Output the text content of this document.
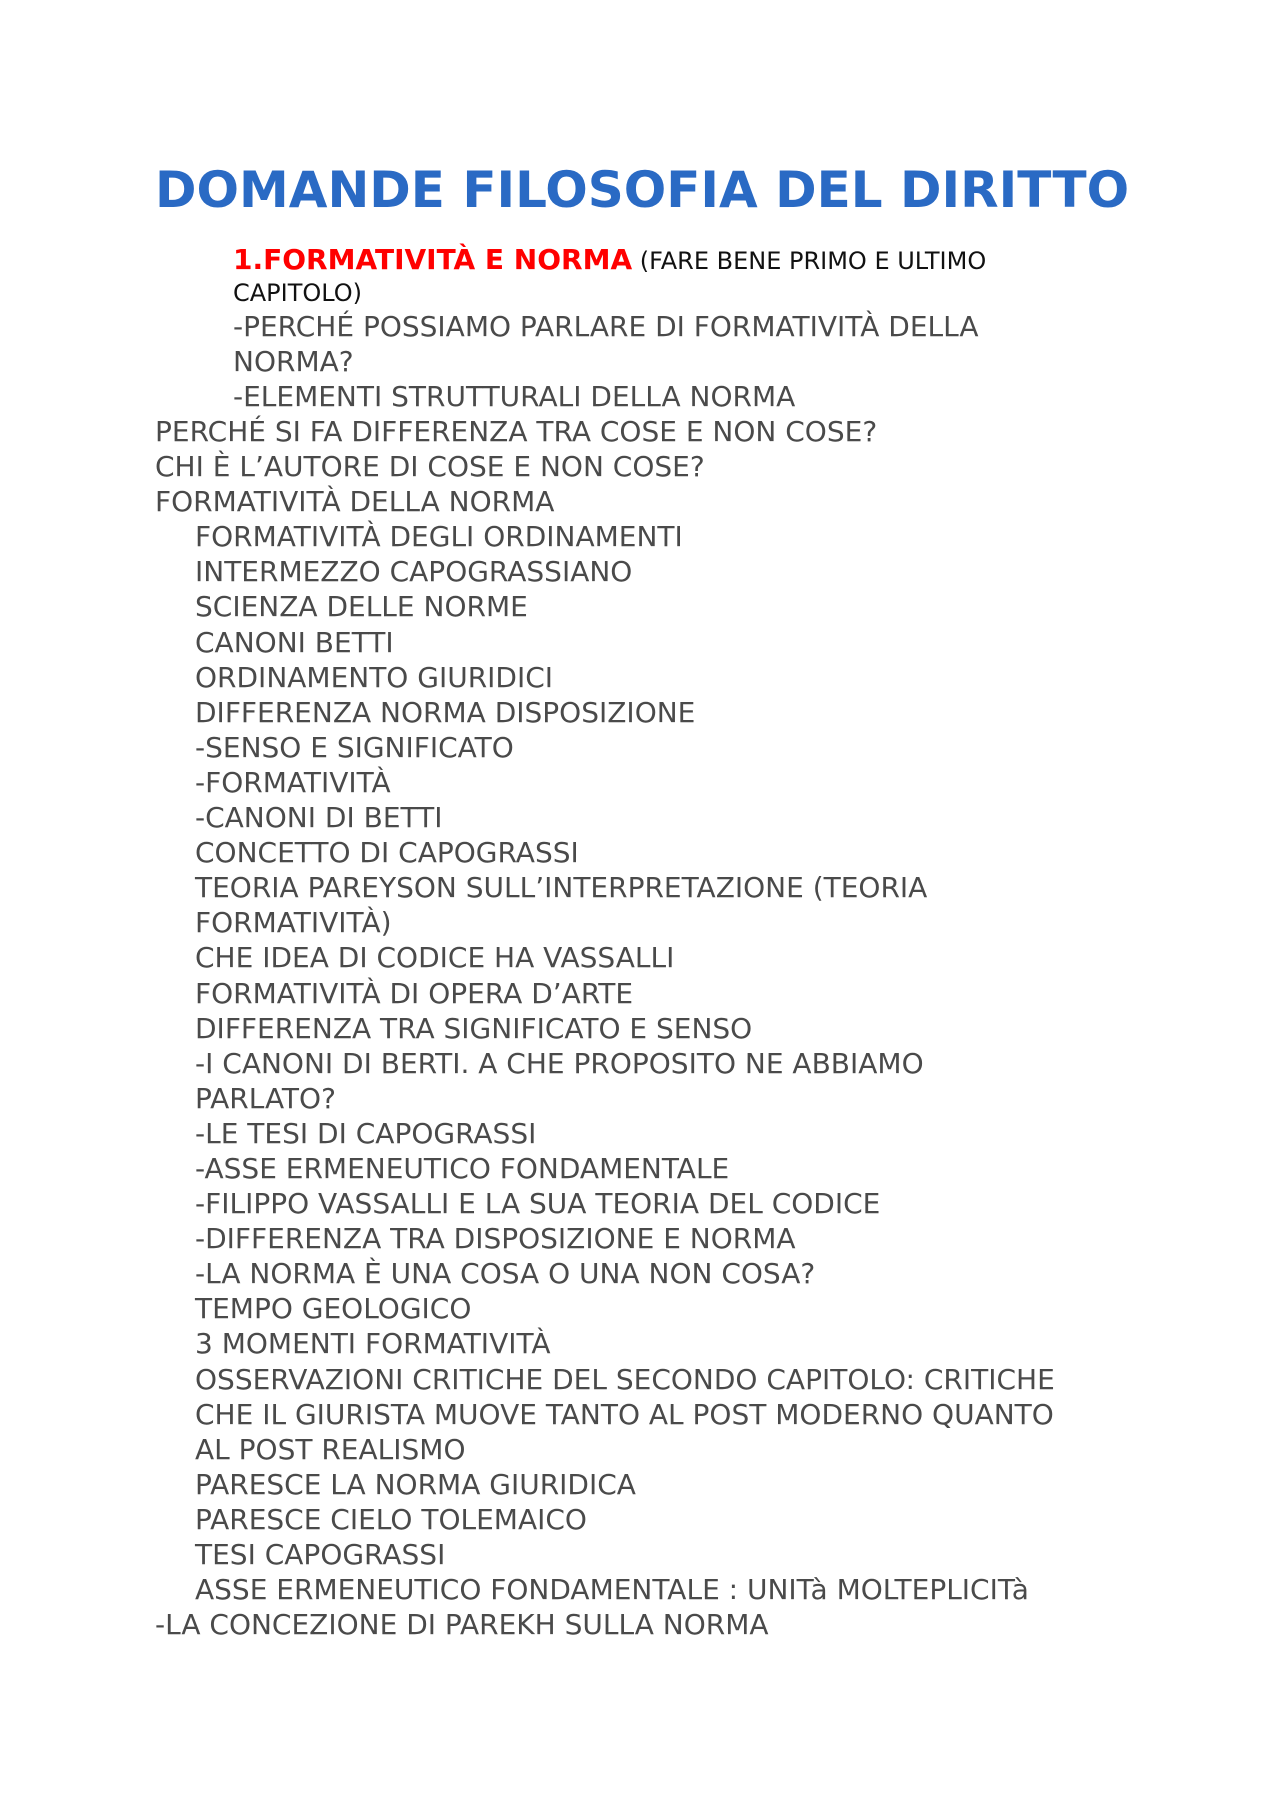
DOMANDE FILOSOFIA DEL DIRITTO
1.FORMATIVITÀ E NORMA (FARE BENE PRIMO E ULTIMO
CAPITOLO)
-PERCHÉ POSSIAMO PARLARE DI FORMATIVITÀ DELLA
NORMA?
-ELEMENTI STRUTTURALI DELLA NORMA
PERCHÉ SI FA DIFFERENZA TRA COSE E NON COSE?
CHI È L’AUTORE DI COSE E NON COSE?
FORMATIVITÀ DELLA NORMA
FORMATIVITÀ DEGLI ORDINAMENTI
INTERMEZZO CAPOGRASSIANO
SCIENZA DELLE NORME
CANONI BETTI
ORDINAMENTO GIURIDICI
DIFFERENZA NORMA DISPOSIZIONE
-SENSO E SIGNIFICATO
-FORMATIVITÀ
-CANONI DI BETTI
CONCETTO DI CAPOGRASSI
TEORIA PAREYSON SULL’INTERPRETAZIONE (TEORIA
FORMATIVITÀ)
CHE IDEA DI CODICE HA VASSALLI
FORMATIVITÀ DI OPERA D’ARTE
DIFFERENZA TRA SIGNIFICATO E SENSO
-I CANONI DI BERTI. A CHE PROPOSITO NE ABBIAMO
PARLATO?
-LE TESI DI CAPOGRASSI
-ASSE ERMENEUTICO FONDAMENTALE
-FILIPPO VASSALLI E LA SUA TEORIA DEL CODICE
-DIFFERENZA TRA DISPOSIZIONE E NORMA
-LA NORMA È UNA COSA O UNA NON COSA?
TEMPO GEOLOGICO
3 MOMENTI FORMATIVITÀ
OSSERVAZIONI CRITICHE DEL SECONDO CAPITOLO: CRITICHE
CHE IL GIURISTA MUOVE TANTO AL POST MODERNO QUANTO
AL POST REALISMO
PARESCE LA NORMA GIURIDICA
PARESCE CIELO TOLEMAICO
TESI CAPOGRASSI
ASSE ERMENEUTICO FONDAMENTALE : UNITà MOLTEPLICITà
-LA CONCEZIONE DI PAREKH SULLA NORMA
